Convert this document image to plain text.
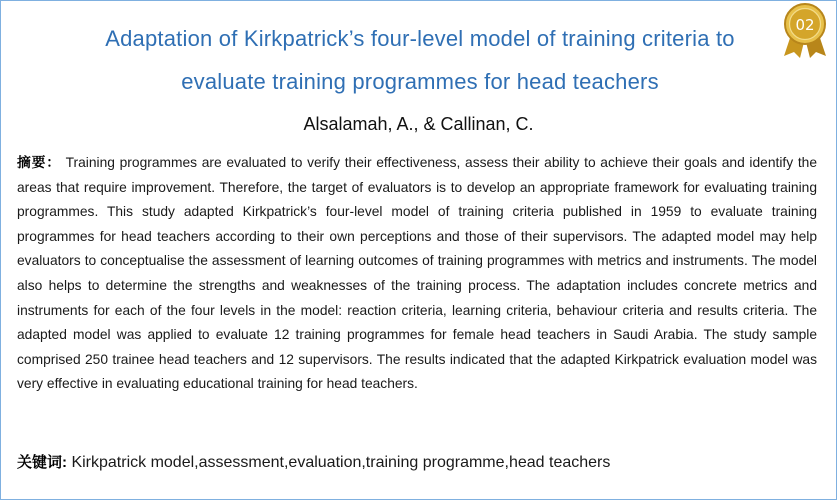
Adaptation of Kirkpatrick’s four-level model of training criteria to
evaluate training programmes for head teachers
02
Alsalamah, A., & Callinan, C.
摘要： Training programmes are evaluated to verify their effectiveness, assess their ability to achieve their goals and identify the areas that require improvement. Therefore, the target of evaluators is to develop an appropriate framework for evaluating training programmes. This study adapted Kirkpatrick’s four-level model of training criteria published in 1959 to evaluate training programmes for head teachers according to their own perceptions and those of their supervisors. The adapted model may help evaluators to conceptualise the assessment of learning outcomes of training programmes with metrics and instruments. The model also helps to determine the strengths and weaknesses of the training process. The adaptation includes concrete metrics and instruments for each of the four levels in the model: reaction criteria, learning criteria, behaviour criteria and results criteria. The adapted model was applied to evaluate 12 training programmes for female head teachers in Saudi Arabia. The study sample comprised 250 trainee head teachers and 12 supervisors. The results indicated that the adapted Kirkpatrick evaluation model was very effective in evaluating educational training for head teachers.
关键词: Kirkpatrick model,assessment,evaluation,training programme,head teachers
